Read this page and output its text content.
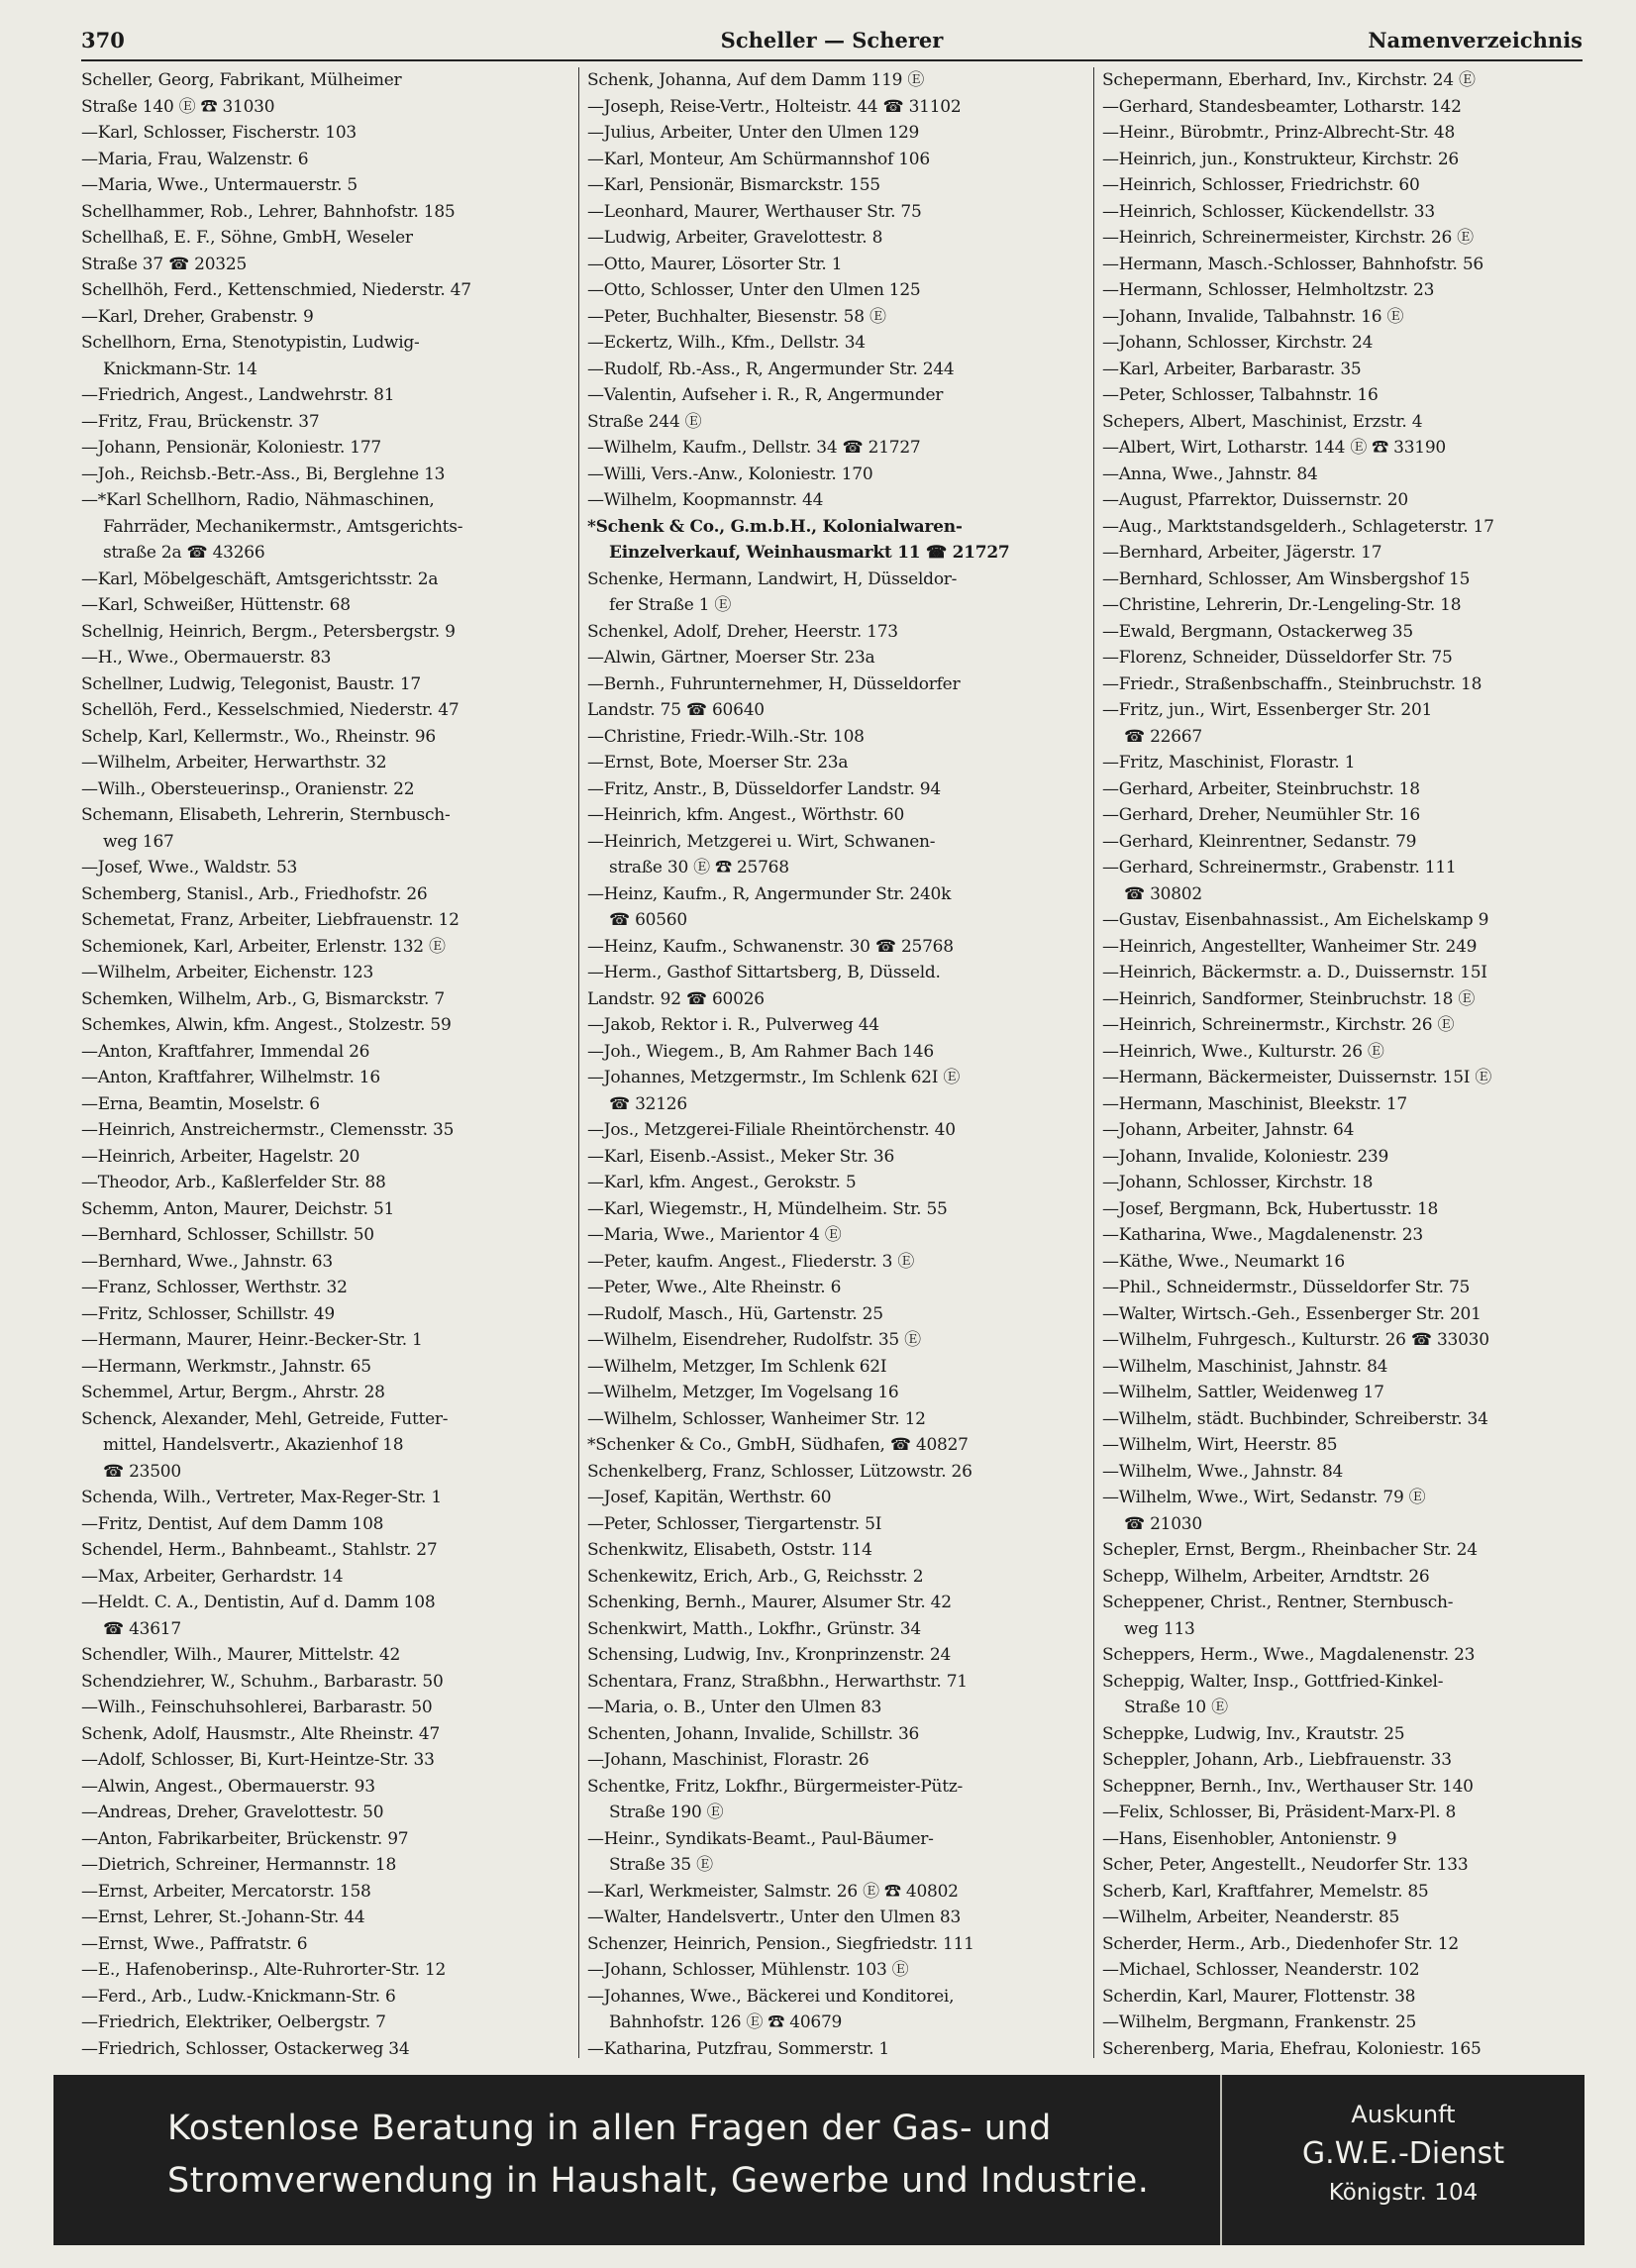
370	Scheller — Scherer	Namenverzeichnis
Scheller, Georg, Fabrikant, Mülheimer
Straße 140 Ⓔ ☎ 31030
—Karl, Schlosser, Fischerstr. 103
—Maria, Frau, Walzenstr. 6
—Maria, Wwe., Untermauerstr. 5
Schellhammer, Rob., Lehrer, Bahnhofstr. 185
Schellhaß, E. F., Söhne, GmbH, Weseler
Straße 37 ☎ 20325
Schellhöh, Ferd., Kettenschmied, Niederstr. 47
—Karl, Dreher, Grabenstr. 9
Schellhorn, Erna, Stenotypistin, Ludwig-
Knickmann-Str. 14
—Friedrich, Angest., Landwehrstr. 81
—Fritz, Frau, Brückenstr. 37
—Johann, Pensionär, Koloniestr. 177
—Joh., Reichsb.-Betr.-Ass., Bi, Berglehne 13
—*Karl Schellhorn, Radio, Nähmaschinen,
Fahrräder, Mechanikermstr., Amtsgerichts-
straße 2a ☎ 43266
—Karl, Möbelgeschäft, Amtsgerichtsstr. 2a
—Karl, Schweißer, Hüttenstr. 68
Schellnig, Heinrich, Bergm., Petersbergstr. 9
—H., Wwe., Obermauerstr. 83
Schellner, Ludwig, Telegonist, Baustr. 17
Schellöh, Ferd., Kesselschmied, Niederstr. 47
Schelp, Karl, Kellermstr., Wo., Rheinstr. 96
—Wilhelm, Arbeiter, Herwarthstr. 32
—Wilh., Obersteuerinsp., Oranienstr. 22
Schemann, Elisabeth, Lehrerin, Sternbusch-
weg 167
—Josef, Wwe., Waldstr. 53
Schemberg, Stanisl., Arb., Friedhofstr. 26
Schemetat, Franz, Arbeiter, Liebfrauenstr. 12
Schemionek, Karl, Arbeiter, Erlenstr. 132 Ⓔ
—Wilhelm, Arbeiter, Eichenstr. 123
Schemken, Wilhelm, Arb., G, Bismarckstr. 7
Schemkes, Alwin, kfm. Angest., Stolzestr. 59
—Anton, Kraftfahrer, Immendal 26
—Anton, Kraftfahrer, Wilhelmstr. 16
—Erna, Beamtin, Moselstr. 6
—Heinrich, Anstreichermstr., Clemensstr. 35
—Heinrich, Arbeiter, Hagelstr. 20
—Theodor, Arb., Kaßlerfelder Str. 88
Schemm, Anton, Maurer, Deichstr. 51
—Bernhard, Schlosser, Schillstr. 50
—Bernhard, Wwe., Jahnstr. 63
—Franz, Schlosser, Werthstr. 32
—Fritz, Schlosser, Schillstr. 49
—Hermann, Maurer, Heinr.-Becker-Str. 1
—Hermann, Werkmstr., Jahnstr. 65
Schemmel, Artur, Bergm., Ahrstr. 28
Schenck, Alexander, Mehl, Getreide, Futter-
mittel, Handelsvertr., Akazienhof 18
☎ 23500
Schenda, Wilh., Vertreter, Max-Reger-Str. 1
—Fritz, Dentist, Auf dem Damm 108
Schendel, Herm., Bahnbeamt., Stahlstr. 27
—Max, Arbeiter, Gerhardstr. 14
—Heldt. C. A., Dentistin, Auf d. Damm 108
☎ 43617
Schendler, Wilh., Maurer, Mittelstr. 42
Schendziehrer, W., Schuhm., Barbarastr. 50
—Wilh., Feinschuhsohlerei, Barbarastr. 50
Schenk, Adolf, Hausmstr., Alte Rheinstr. 47
—Adolf, Schlosser, Bi, Kurt-Heintze-Str. 33
—Alwin, Angest., Obermauerstr. 93
—Andreas, Dreher, Gravelottestr. 50
—Anton, Fabrikarbeiter, Brückenstr. 97
—Dietrich, Schreiner, Hermannstr. 18
—Ernst, Arbeiter, Mercatorstr. 158
—Ernst, Lehrer, St.-Johann-Str. 44
—Ernst, Wwe., Paffratstr. 6
—E., Hafenoberinsp., Alte-Ruhrorter-Str. 12
—Ferd., Arb., Ludw.-Knickmann-Str. 6
—Friedrich, Elektriker, Oelbergstr. 7
—Friedrich, Schlosser, Ostackerweg 34
Schenk, Johanna, Auf dem Damm 119 Ⓔ
—Joseph, Reise-Vertr., Holteistr. 44 ☎ 31102
—Julius, Arbeiter, Unter den Ulmen 129
—Karl, Monteur, Am Schürmannshof 106
—Karl, Pensionär, Bismarckstr. 155
—Leonhard, Maurer, Werthauser Str. 75
—Ludwig, Arbeiter, Gravelottestr. 8
—Otto, Maurer, Lösorter Str. 1
—Otto, Schlosser, Unter den Ulmen 125
—Peter, Buchhalter, Biesenstr. 58 Ⓔ
—Eckertz, Wilh., Kfm., Dellstr. 34
—Rudolf, Rb.-Ass., R, Angermunder Str. 244
—Valentin, Aufseher i. R., R, Angermunder
Straße 244 Ⓔ
—Wilhelm, Kaufm., Dellstr. 34 ☎ 21727
—Willi, Vers.-Anw., Koloniestr. 170
—Wilhelm, Koopmannstr. 44
*Schenk & Co., G.m.b.H., Kolonialwaren-
Einzelverkauf, Weinhausmarkt 11 ☎ 21727
Schenke, Hermann, Landwirt, H, Düsseldor-
fer Straße 1 Ⓔ
Schenkel, Adolf, Dreher, Heerstr. 173
—Alwin, Gärtner, Moerser Str. 23a
—Bernh., Fuhrunternehmer, H, Düsseldorfer
Landstr. 75 ☎ 60640
—Christine, Friedr.-Wilh.-Str. 108
—Ernst, Bote, Moerser Str. 23a
—Fritz, Anstr., B, Düsseldorfer Landstr. 94
—Heinrich, kfm. Angest., Wörthstr. 60
—Heinrich, Metzgerei u. Wirt, Schwanen-
straße 30 Ⓔ ☎ 25768
—Heinz, Kaufm., R, Angermunder Str. 240k
☎ 60560
—Heinz, Kaufm., Schwanenstr. 30 ☎ 25768
—Herm., Gasthof Sittartsberg, B, Düsseld.
Landstr. 92 ☎ 60026
—Jakob, Rektor i. R., Pulverweg 44
—Joh., Wiegem., B, Am Rahmer Bach 146
—Johannes, Metzgermstr., Im Schlenk 62I Ⓔ
☎ 32126
—Jos., Metzgerei-Filiale Rheintörchenstr. 40
—Karl, Eisenb.-Assist., Meker Str. 36
—Karl, kfm. Angest., Gerokstr. 5
—Karl, Wiegemstr., H, Mündelheim. Str. 55
—Maria, Wwe., Marientor 4 Ⓔ
—Peter, kaufm. Angest., Fliederstr. 3 Ⓔ
—Peter, Wwe., Alte Rheinstr. 6
—Rudolf, Masch., Hü, Gartenstr. 25
—Wilhelm, Eisendreher, Rudolfstr. 35 Ⓔ
—Wilhelm, Metzger, Im Schlenk 62I
—Wilhelm, Metzger, Im Vogelsang 16
—Wilhelm, Schlosser, Wanheimer Str. 12
*Schenker & Co., GmbH, Südhafen, ☎ 40827
Schenkelberg, Franz, Schlosser, Lützowstr. 26
—Josef, Kapitän, Werthstr. 60
—Peter, Schlosser, Tiergartenstr. 5I
Schenkwitz, Elisabeth, Oststr. 114
Schenkewitz, Erich, Arb., G, Reichsstr. 2
Schenking, Bernh., Maurer, Alsumer Str. 42
Schenkwirt, Matth., Lokfhr., Grünstr. 34
Schensing, Ludwig, Inv., Kronprinzenstr. 24
Schentara, Franz, Straßbhn., Herwarthstr. 71
—Maria, o. B., Unter den Ulmen 83
Schenten, Johann, Invalide, Schillstr. 36
—Johann, Maschinist, Florastr. 26
Schentke, Fritz, Lokfhr., Bürgermeister-Pütz-
Straße 190 Ⓔ
—Heinr., Syndikats-Beamt., Paul-Bäumer-
Straße 35 Ⓔ
—Karl, Werkmeister, Salmstr. 26 Ⓔ ☎ 40802
—Walter, Handelsvertr., Unter den Ulmen 83
Schenzer, Heinrich, Pension., Siegfriedstr. 111
—Johann, Schlosser, Mühlenstr. 103 Ⓔ
—Johannes, Wwe., Bäckerei und Konditorei,
Bahnhofstr. 126 Ⓔ ☎ 40679
—Katharina, Putzfrau, Sommerstr. 1
Schepermann, Eberhard, Inv., Kirchstr. 24 Ⓔ
—Gerhard, Standesbeamter, Lotharstr. 142
—Heinr., Bürobmtr., Prinz-Albrecht-Str. 48
—Heinrich, jun., Konstrukteur, Kirchstr. 26
—Heinrich, Schlosser, Friedrichstr. 60
—Heinrich, Schlosser, Kückendellstr. 33
—Heinrich, Schreinermeister, Kirchstr. 26 Ⓔ
—Hermann, Masch.-Schlosser, Bahnhofstr. 56
—Hermann, Schlosser, Helmholtzstr. 23
—Johann, Invalide, Talbahnstr. 16 Ⓔ
—Johann, Schlosser, Kirchstr. 24
—Karl, Arbeiter, Barbarastr. 35
—Peter, Schlosser, Talbahnstr. 16
Schepers, Albert, Maschinist, Erzstr. 4
—Albert, Wirt, Lotharstr. 144 Ⓔ ☎ 33190
—Anna, Wwe., Jahnstr. 84
—August, Pfarrektor, Duissernstr. 20
—Aug., Marktstandsgelderh., Schlageterstr. 17
—Bernhard, Arbeiter, Jägerstr. 17
—Bernhard, Schlosser, Am Winsbergshof 15
—Christine, Lehrerin, Dr.-Lengeling-Str. 18
—Ewald, Bergmann, Ostackerweg 35
—Florenz, Schneider, Düsseldorfer Str. 75
—Friedr., Straßenbschaffn., Steinbruchstr. 18
—Fritz, jun., Wirt, Essenberger Str. 201
☎ 22667
—Fritz, Maschinist, Florastr. 1
—Gerhard, Arbeiter, Steinbruchstr. 18
—Gerhard, Dreher, Neumühler Str. 16
—Gerhard, Kleinrentner, Sedanstr. 79
—Gerhard, Schreinermstr., Grabenstr. 111
☎ 30802
—Gustav, Eisenbahnassist., Am Eichelskamp 9
—Heinrich, Angestellter, Wanheimer Str. 249
—Heinrich, Bäckermstr. a. D., Duissernstr. 15I
—Heinrich, Sandformer, Steinbruchstr. 18 Ⓔ
—Heinrich, Schreinermstr., Kirchstr. 26 Ⓔ
—Heinrich, Wwe., Kulturstr. 26 Ⓔ
—Hermann, Bäckermeister, Duissernstr. 15I Ⓔ
—Hermann, Maschinist, Bleekstr. 17
—Johann, Arbeiter, Jahnstr. 64
—Johann, Invalide, Koloniestr. 239
—Johann, Schlosser, Kirchstr. 18
—Josef, Bergmann, Bck, Hubertusstr. 18
—Katharina, Wwe., Magdalenenstr. 23
—Käthe, Wwe., Neumarkt 16
—Phil., Schneidermstr., Düsseldorfer Str. 75
—Walter, Wirtsch.-Geh., Essenberger Str. 201
—Wilhelm, Fuhrgesch., Kulturstr. 26 ☎ 33030
—Wilhelm, Maschinist, Jahnstr. 84
—Wilhelm, Sattler, Weidenweg 17
—Wilhelm, städt. Buchbinder, Schreiberstr. 34
—Wilhelm, Wirt, Heerstr. 85
—Wilhelm, Wwe., Jahnstr. 84
—Wilhelm, Wwe., Wirt, Sedanstr. 79 Ⓔ
☎ 21030
Schepler, Ernst, Bergm., Rheinbacher Str. 24
Schepp, Wilhelm, Arbeiter, Arndtstr. 26
Scheppener, Christ., Rentner, Sternbusch-
weg 113
Scheppers, Herm., Wwe., Magdalenenstr. 23
Scheppig, Walter, Insp., Gottfried-Kinkel-
Straße 10 Ⓔ
Scheppke, Ludwig, Inv., Krautstr. 25
Scheppler, Johann, Arb., Liebfrauenstr. 33
Scheppner, Bernh., Inv., Werthauser Str. 140
—Felix, Schlosser, Bi, Präsident-Marx-Pl. 8
—Hans, Eisenhobler, Antonienstr. 9
Scher, Peter, Angestellt., Neudorfer Str. 133
Scherb, Karl, Kraftfahrer, Memelstr. 85
—Wilhelm, Arbeiter, Neanderstr. 85
Scherder, Herm., Arb., Diedenhofer Str. 12
—Michael, Schlosser, Neanderstr. 102
Scherdin, Karl, Maurer, Flottenstr. 38
—Wilhelm, Bergmann, Frankenstr. 25
Scherenberg, Maria, Ehefrau, Koloniestr. 165
Kostenlose Beratung in allen Fragen der Gas- und
Stromverwendung in Haushalt, Gewerbe und Industrie.
Auskunft
G.W.E.-Dienst
Königstr. 104
